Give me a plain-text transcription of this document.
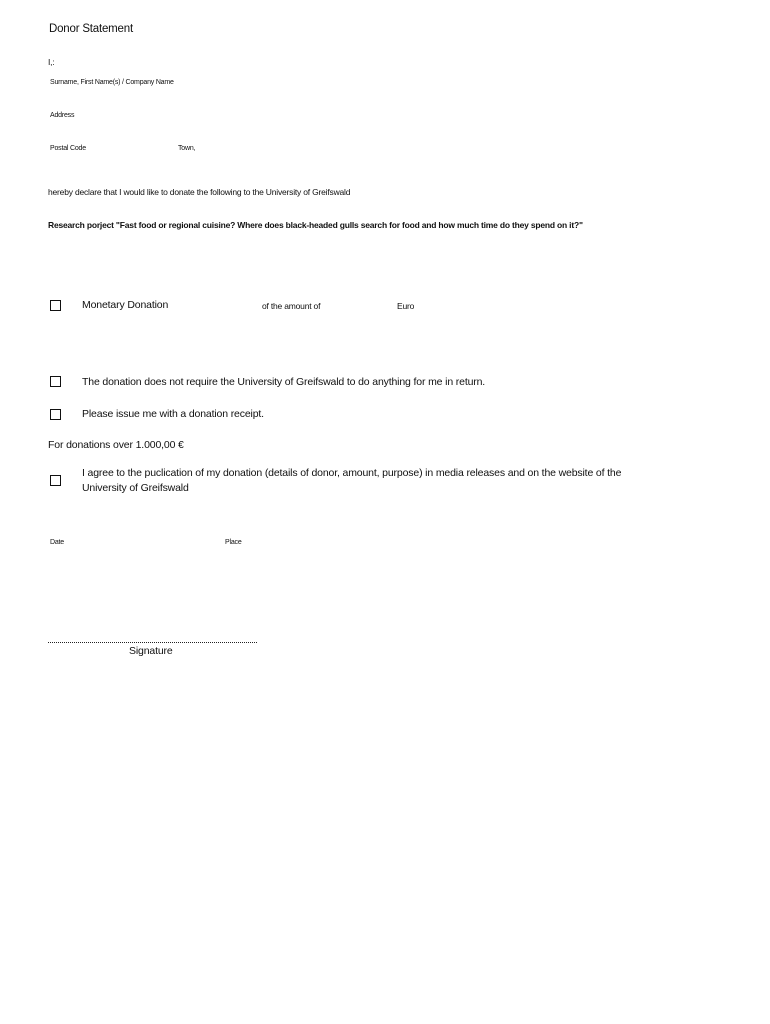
Donor Statement
I,:
Surname, First Name(s) / Company Name
Address
Postal Code	Town,
hereby declare that I would like to donate the following to the University of Greifswald
Research porject "Fast food or regional cuisine? Where does black-headed gulls search for food and how much time do they spend on it?"
Monetary Donation	of the amount of	Euro
The donation does not require the University of Greifswald to do anything for me in return.
Please issue me with a donation receipt.
For donations over 1.000,00 €
I agree to the puclication of my donation (details of donor, amount, purpose) in media releases and on the website of the University of Greifswald
Date	Place
Signature
